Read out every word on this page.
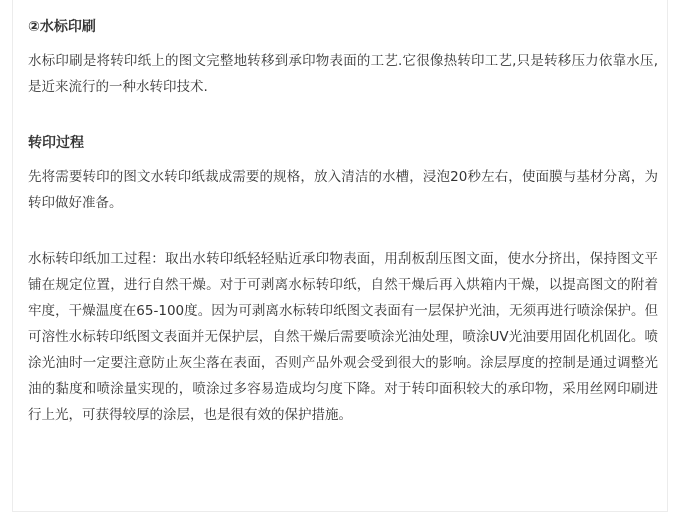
②水标印刷

水标印刷是将转印纸上的图文完整地转移到承印物表面的工艺.它很像热转印工艺,只是转移压力依靠水压,是近来流行的一种水转印技术.

转印过程

先将需要转印的图文水转印纸裁成需要的规格，放入清洁的水槽，浸泡20秒左右，使面膜与基材分离，为转印做好准备。

水标转印纸加工过程：取出水转印纸轻轻贴近承印物表面，用刮板刮压图文面，使水分挤出，保持图文平铺在规定位置，进行自然干燥。对于可剥离水标转印纸，自然干燥后再入烘箱内干燥，以提高图文的附着牢度，干燥温度在65-100度。因为可剥离水标转印纸图文表面有一层保护光油，无须再进行喷涂保护。但可溶性水标转印纸图文表面并无保护层，自然干燥后需要喷涂光油处理，喷涂UV光油要用固化机固化。喷涂光油时一定要注意防止灰尘落在表面，否则产品外观会受到很大的影响。涂层厚度的控制是通过调整光油的黏度和喷涂量实现的，喷涂过多容易造成均匀度下降。对于转印面积较大的承印物，采用丝网印刷进行上光，可获得较厚的涂层，也是很有效的保护措施。
